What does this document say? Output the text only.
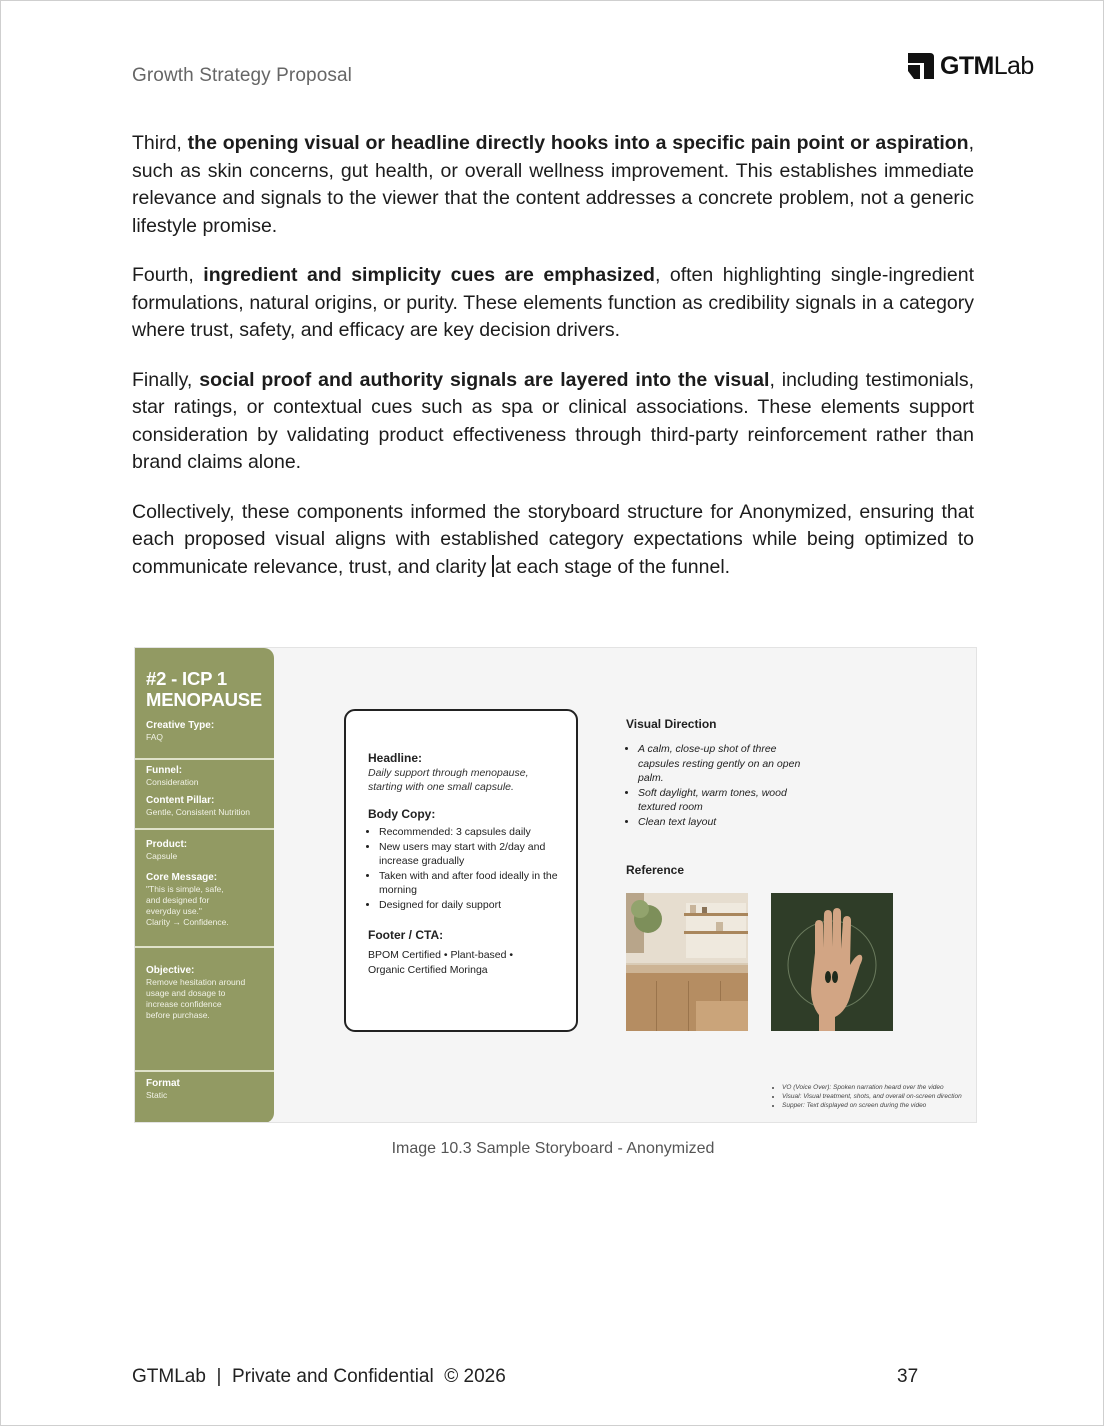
Growth Strategy Proposal	GTMLab

Third, the opening visual or headline directly hooks into a specific pain point or aspiration, such as skin concerns, gut health, or overall wellness improvement. This establishes immediate relevance and signals to the viewer that the content addresses a concrete problem, not a generic lifestyle promise.

Fourth, ingredient and simplicity cues are emphasized, often highlighting single-ingredient formulations, natural origins, or purity. These elements function as credibility signals in a category where trust, safety, and efficacy are key decision drivers.

Finally, social proof and authority signals are layered into the visual, including testimonials, star ratings, or contextual cues such as spa or clinical associations. These elements support consideration by validating product effectiveness through third-party reinforcement rather than brand claims alone.

Collectively, these components informed the storyboard structure for Anonymized, ensuring that each proposed visual aligns with established category expectations while being optimized to communicate relevance, trust, and clarity at each stage of the funnel.

#2 - ICP 1
MENOPAUSE
Creative Type:
FAQ
Funnel:
Consideration
Content Pillar:
Gentle, Consistent Nutrition
Product:
Capsule
Core Message:
"This is simple, safe,
and designed for
everyday use."
Clarity → Confidence.
Objective:
Remove hesitation around
usage and dosage to
increase confidence
before purchase.
Format
Static
Headline:
Daily support through menopause,
starting with one small capsule.
Body Copy:
• Recommended: 3 capsules daily
• New users may start with 2/day and increase gradually
• Taken with and after food ideally in the morning
• Designed for daily support
Footer / CTA:
BPOM Certified • Plant-based •
Organic Certified Moringa
Visual Direction
• A calm, close-up shot of three capsules resting gently on an open palm.
• Soft daylight, warm tones, wood textured room
• Clean text layout
Reference
• VO (Voice Over): Spoken narration heard over the video
• Visual: Visual treatment, shots, and overall on-screen direction
• Supper: Text displayed on screen during the video
Image 10.3 Sample Storyboard - Anonymized
GTMLab  |  Private and Confidential  © 2026	37
